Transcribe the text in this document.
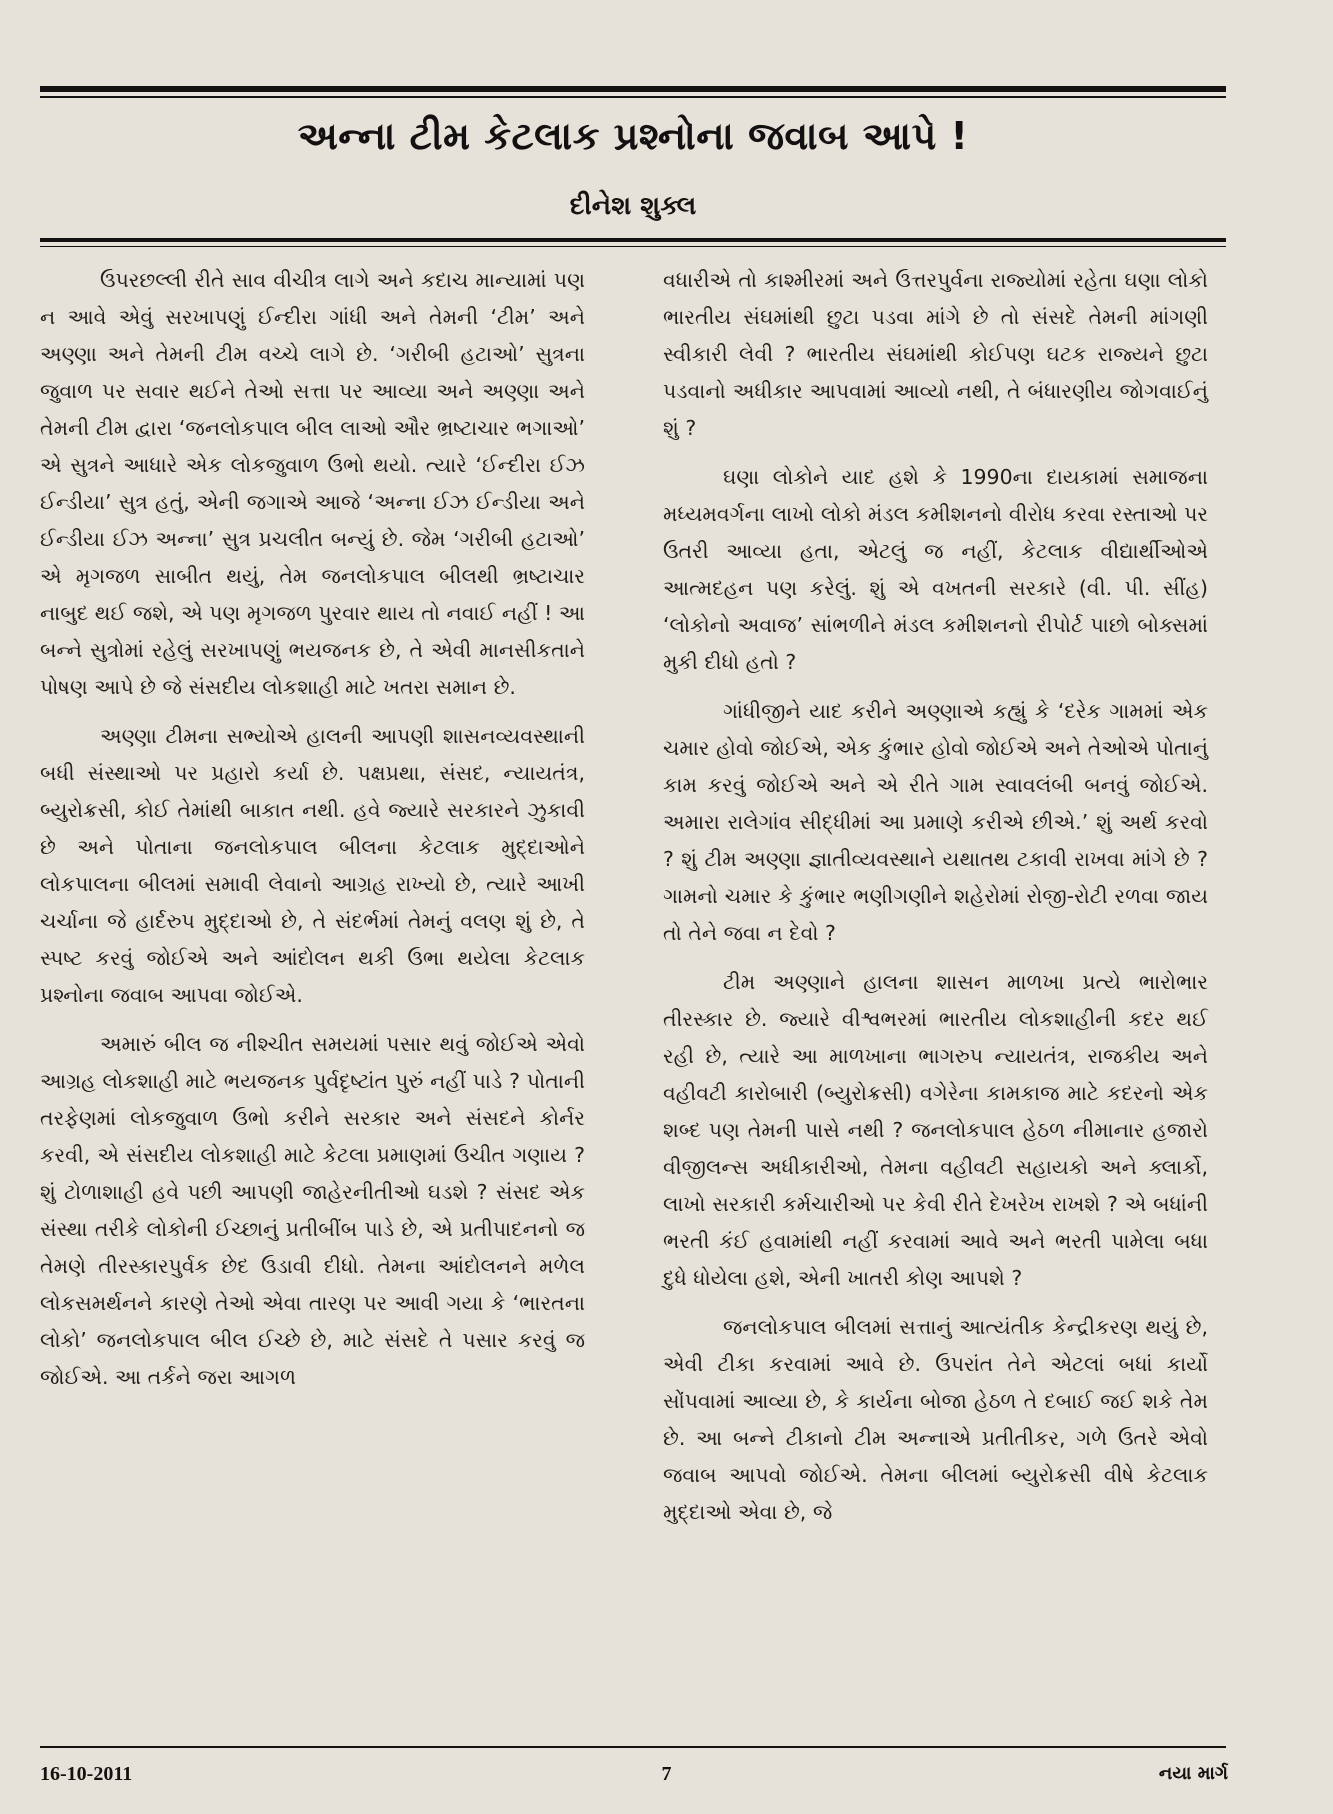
અન્ના ટીમ કેટલાક પ્રશ્નોના જવાબ આપે !
દીનેશ શુક્લ

ઉપરછલ્લી રીતે સાવ વીચીત્ર લાગે અને કદાચ માન્યામાં પણ ન આવે એવું સરખાપણું ઈન્દીરા ગાંધી અને તેમની ‘ટીમ’ અને અણ્ણા અને તેમની ટીમ વચ્ચે લાગે છે. ‘ગરીબી હટાઓ’ સુત્રના જુવાળ પર સવાર થઈને તેઓ સત્તા પર આવ્યા અને અણ્ણા અને તેમની ટીમ દ્વારા ‘જનલોકપાલ બીલ લાઓ ઔર ભ્રષ્ટાચાર ભગાઓ’ એ સુત્રને આધારે એક લોકજુવાળ ઉભો થયો. ત્યારે ‘ઈન્દીરા ઈઝ ઈન્ડીયા’ સુત્ર હતું, એની જગાએ આજે ‘અન્ના ઈઝ ઈન્ડીયા અને ઈન્ડીયા ઈઝ અન્ના’ સુત્ર પ્રચલીત બન્યું છે. જેમ ‘ગરીબી હટાઓ’ એ મૃગજળ સાબીત થયું, તેમ જનલોકપાલ બીલથી ભ્રષ્ટાચાર નાબુદ થઈ જશે, એ પણ મૃગજળ પુરવાર થાય તો નવાઈ નહીં ! આ બન્ને સુત્રોમાં રહેલું સરખાપણું ભયજનક છે, તે એવી માનસીકતાને પોષણ આપે છે જે સંસદીય લોકશાહી માટે ખતરા સમાન છે.

અણ્ણા ટીમના સભ્યોએ હાલની આપણી શાસનવ્યવસ્થાની બધી સંસ્થાઓ પર પ્રહારો કર્યા છે. પક્ષપ્રથા, સંસદ, ન્યાયતંત્ર, બ્યુરોક્રસી, કોઈ તેમાંથી બાકાત નથી. હવે જ્યારે સરકારને ઝુકાવી છે અને પોતાના જનલોકપાલ બીલના કેટલાક મુદ્દાઓને લોકપાલના બીલમાં સમાવી લેવાનો આગ્રહ રાખ્યો છે, ત્યારે આખી ચર્ચાના જે હાર્દરુપ મુદ્દાઓ છે, તે સંદર્ભમાં તેમનું વલણ શું છે, તે સ્પષ્ટ કરવું જોઈએ અને આંદોલન થકી ઉભા થયેલા કેટલાક પ્રશ્નોના જવાબ આપવા જોઈએ.

અમારું બીલ જ નીશ્ચીત સમયમાં પસાર થવું જોઈએ એવો આગ્રહ લોકશાહી માટે ભયજનક પુર્વદૃષ્ટાંત પુરું નહીં પાડે ? પોતાની તરફેણમાં લોકજુવાળ ઉભો કરીને સરકાર અને સંસદને કોર્નર કરવી, એ સંસદીય લોકશાહી માટે કેટલા પ્રમાણમાં ઉચીત ગણાય ? શું ટોળાશાહી હવે પછી આપણી જાહેરનીતીઓ ઘડશે ? સંસદ એક સંસ્થા તરીકે લોકોની ઈચ્છાનું પ્રતીબીંબ પાડે છે, એ પ્રતીપાદનનો જ તેમણે તીરસ્કારપુર્વક છેદ ઉડાવી દીધો. તેમના આંદોલનને મળેલ લોકસમર્થનને કારણે તેઓ એવા તારણ પર આવી ગયા કે ‘ભારતના લોકો’ જનલોકપાલ બીલ ઈચ્છે છે, માટે સંસદે તે પસાર કરવું જ જોઈએ. આ તર્કને જરા આગળ

વધારીએ તો કાશ્મીરમાં અને ઉત્તરપુર્વના રાજ્યોમાં રહેતા ઘણા લોકો ભારતીય સંઘમાંથી છુટા પડવા માંગે છે તો સંસદે તેમની માંગણી સ્વીકારી લેવી ? ભારતીય સંઘમાંથી કોઈપણ ઘટક રાજ્યને છુટા પડવાનો અધીકાર આપવામાં આવ્યો નથી, તે બંધારણીય જોગવાઈનું શું ?

ઘણા લોકોને યાદ હશે કે 1990ના દાયકામાં સમાજના મધ્યમવર્ગના લાખો લોકો મંડલ કમીશનનો વીરોધ કરવા રસ્તાઓ પર ઉતરી આવ્યા હતા, એટલું જ નહીં, કેટલાક વીદ્યાર્થીઓએ આત્મદહન પણ કરેલું. શું એ વખતની સરકારે (વી. પી. સીંહ) ‘લોકોનો અવાજ’ સાંભળીને મંડલ કમીશનનો રીપોર્ટ પાછો બોક્સમાં મુકી દીધો હતો ?

ગાંધીજીને યાદ કરીને અણ્ણાએ કહ્યું કે ‘દરેક ગામમાં એક ચમાર હોવો જોઈએ, એક કુંભાર હોવો જોઈએ અને તેઓએ પોતાનું કામ કરવું જોઈએ અને એ રીતે ગામ સ્વાવલંબી બનવું જોઈએ. અમારા રાલેગાંવ સીદ્ધીમાં આ પ્રમાણે કરીએ છીએ.’ શું અર્થ કરવો ? શું ટીમ અણ્ણા જ્ઞાતીવ્યવસ્થાને યથાતથ ટકાવી રાખવા માંગે છે ? ગામનો ચમાર કે કુંભાર ભણીગણીને શહેરોમાં રોજી-રોટી રળવા જાય તો તેને જવા ન દેવો ?

ટીમ અણ્ણાને હાલના શાસન માળખા પ્રત્યે ભારોભાર તીરસ્કાર છે. જ્યારે વીશ્વભરમાં ભારતીય લોકશાહીની કદર થઈ રહી છે, ત્યારે આ માળખાના ભાગરુપ ન્યાયતંત્ર, રાજકીય અને વહીવટી કારોબારી (બ્યુરોક્રસી) વગેરેના કામકાજ માટે કદરનો એક શબ્દ પણ તેમની પાસે નથી ? જનલોકપાલ હેઠળ નીમાનાર હજારો વીજીલન્સ અધીકારીઓ, તેમના વહીવટી સહાયકો અને ક્લાર્કો, લાખો સરકારી કર્મચારીઓ પર કેવી રીતે દેખરેખ રાખશે ? એ બધાંની ભરતી કંઈ હવામાંથી નહીં કરવામાં આવે અને ભરતી પામેલા બધા દુધે ધોયેલા હશે, એની ખાતરી કોણ આપશે ?

જનલોકપાલ બીલમાં સત્તાનું આત્યંતીક કેન્દ્રીકરણ થયું છે, એવી ટીકા કરવામાં આવે છે. ઉપરાંત તેને એટલાં બધાં કાર્યો સોંપવામાં આવ્યા છે, કે કાર્યના બોજા હેઠળ તે દબાઈ જઈ શકે તેમ છે. આ બન્ને ટીકાનો ટીમ અન્નાએ પ્રતીતીકર, ગળે ઉતરે એવો જવાબ આપવો જોઈએ. તેમના બીલમાં બ્યુરોક્રસી વીષે કેટલાક મુદ્દાઓ એવા છે, જે

7
16-10-2011	નયા માર્ગ
